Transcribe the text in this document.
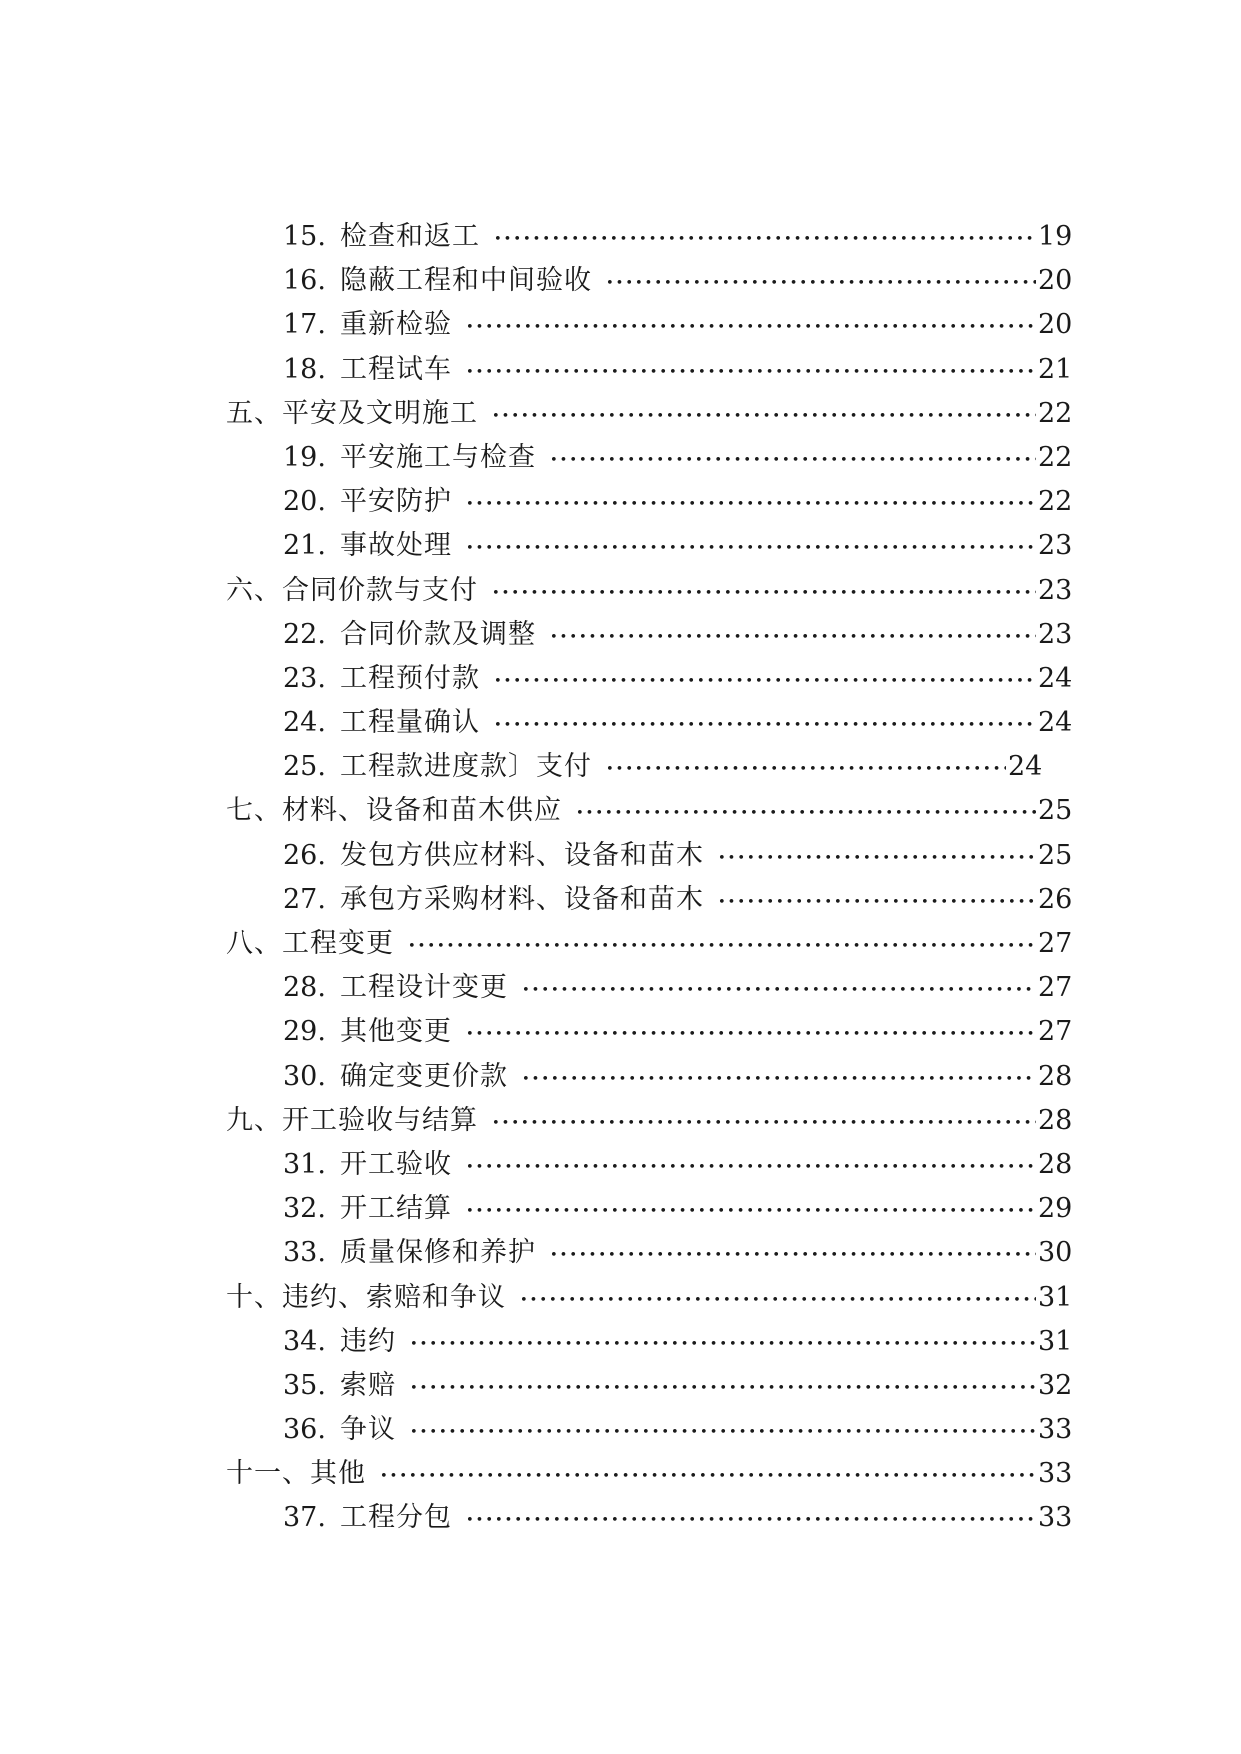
15. 检查和返工 •••••	19
16. 隐蔽工程和中间验收 •••••	20
17. 重新检验 •••••	20
18. 工程试车 •••••	21
五、平安及文明施工 •••••	22
19. 平安施工与检查 •••••	22
20. 平安防护 •••••	22
21. 事故处理 •••••	23
六、合同价款与支付 •••••	23
22. 合同价款及调整 •••••	23
23. 工程预付款 •••••	24
24. 工程量确认 •••••	24
25. 工程款进度款〕支付 •••••	24
七、材料、设备和苗木供应 •••••	25
26. 发包方供应材料、设备和苗木 •••••	25
27. 承包方采购材料、设备和苗木 •••••	26
八、工程变更 •••••	27
28. 工程设计变更 •••••	27
29. 其他变更 •••••	27
30. 确定变更价款 •••••	28
九、开工验收与结算 •••••	28
31. 开工验收 •••••	28
32. 开工结算 •••••	29
33. 质量保修和养护 •••••	30
十、违约、索赔和争议 •••••	31
34. 违约 •••••	31
35. 索赔 •••••	32
36. 争议 •••••	33
十一、其他 •••••	33
37. 工程分包 •••••	33
